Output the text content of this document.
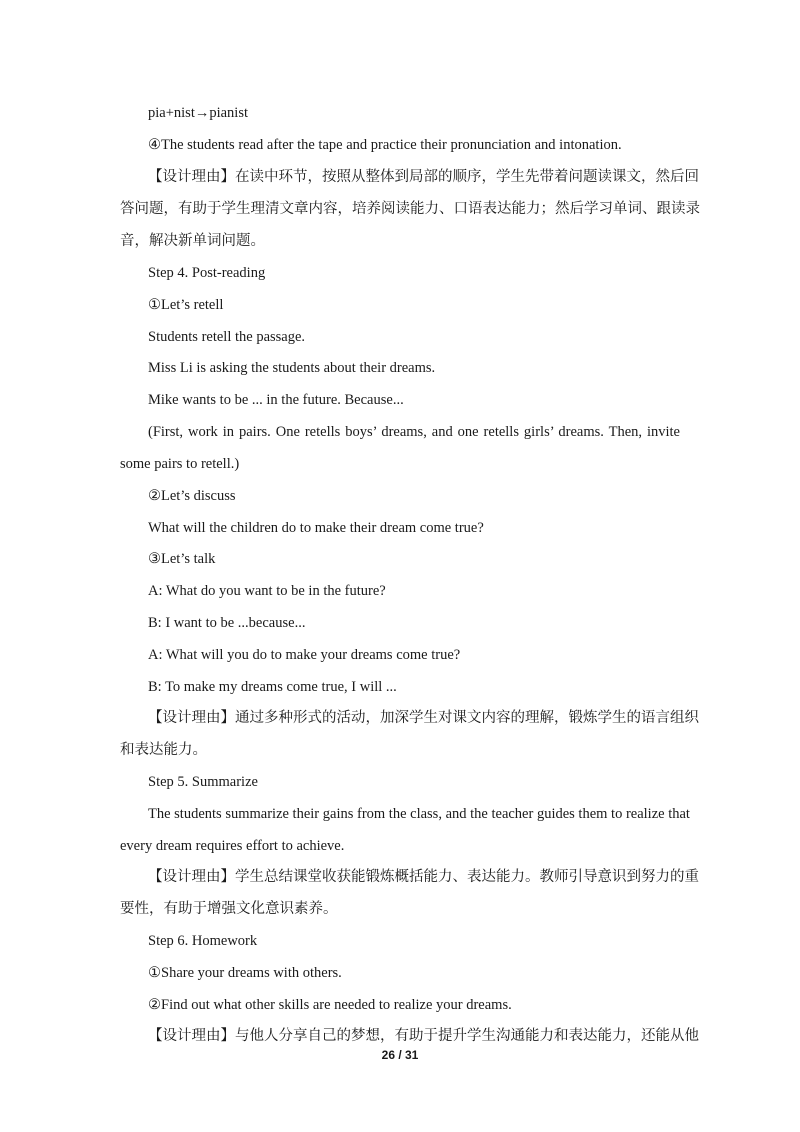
pia+nist→pianist
④The students read after the tape and practice their pronunciation and intonation.
【设计理由】在读中环节，按照从整体到局部的顺序，学生先带着问题读课文，然后回
答问题，有助于学生理清文章内容，培养阅读能力、口语表达能力；然后学习单词、跟读录
音，解决新单词问题。
Step 4. Post-reading
①Let’s retell
Students retell the passage.
Miss Li is asking the students about their dreams.
Mike wants to be ... in the future. Because...
(First, work in pairs. One retells boys’ dreams, and one retells girls’ dreams. Then, invite
some pairs to retell.)
②Let’s discuss
What will the children do to make their dream come true?
③Let’s talk
A: What do you want to be in the future?
B: I want to be ...because...
A: What will you do to make your dreams come true?
B: To make my dreams come true, I will ...
【设计理由】通过多种形式的活动，加深学生对课文内容的理解，锻炼学生的语言组织
和表达能力。
Step 5. Summarize
The students summarize their gains from the class, and the teacher guides them to realize that
every dream requires effort to achieve.
【设计理由】学生总结课堂收获能锻炼概括能力、表达能力。教师引导意识到努力的重
要性，有助于增强文化意识素养。
Step 6. Homework
①Share your dreams with others.
②Find out what other skills are needed to realize your dreams.
【设计理由】与他人分享自己的梦想，有助于提升学生沟通能力和表达能力，还能从他
26 / 31
